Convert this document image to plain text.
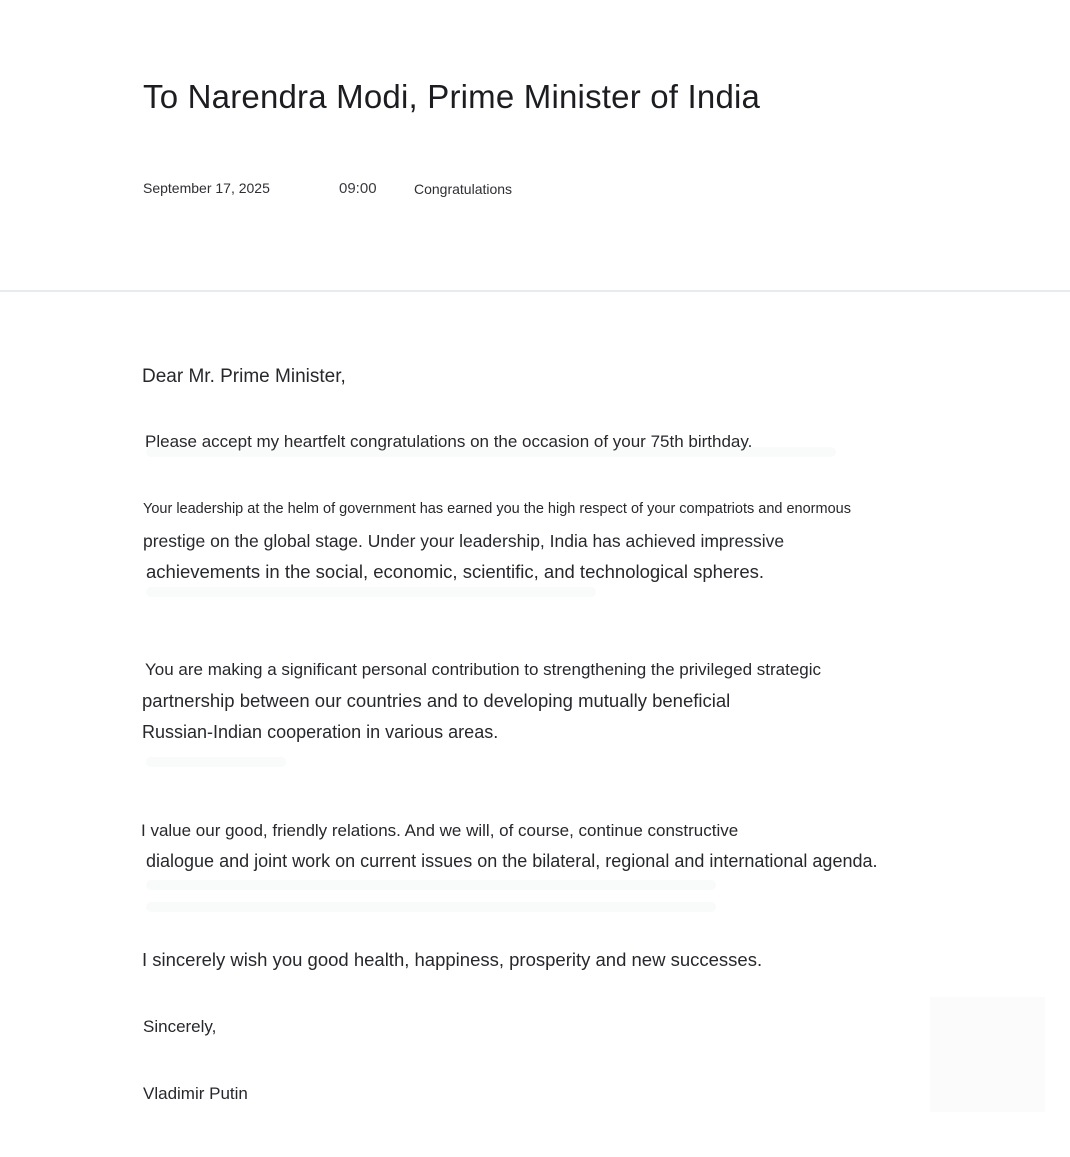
To Narendra Modi, Prime Minister of India
September 17, 2025	09:00	Congratulations

Dear Mr. Prime Minister,

Please accept my heartfelt congratulations on the occasion of your 75th birthday.

Your leadership at the helm of government has earned you the high respect of your compatriots and enormous

prestige on the global stage. Under your leadership, India has achieved impressive

achievements in the social, economic, scientific, and technological spheres.

You are making a significant personal contribution to strengthening the privileged strategic

partnership between our countries and to developing mutually beneficial

Russian-Indian cooperation in various areas.

I value our good, friendly relations. And we will, of course, continue constructive

dialogue and joint work on current issues on the bilateral, regional and international agenda.

I sincerely wish you good health, happiness, prosperity and new successes.

Sincerely,

Vladimir Putin
